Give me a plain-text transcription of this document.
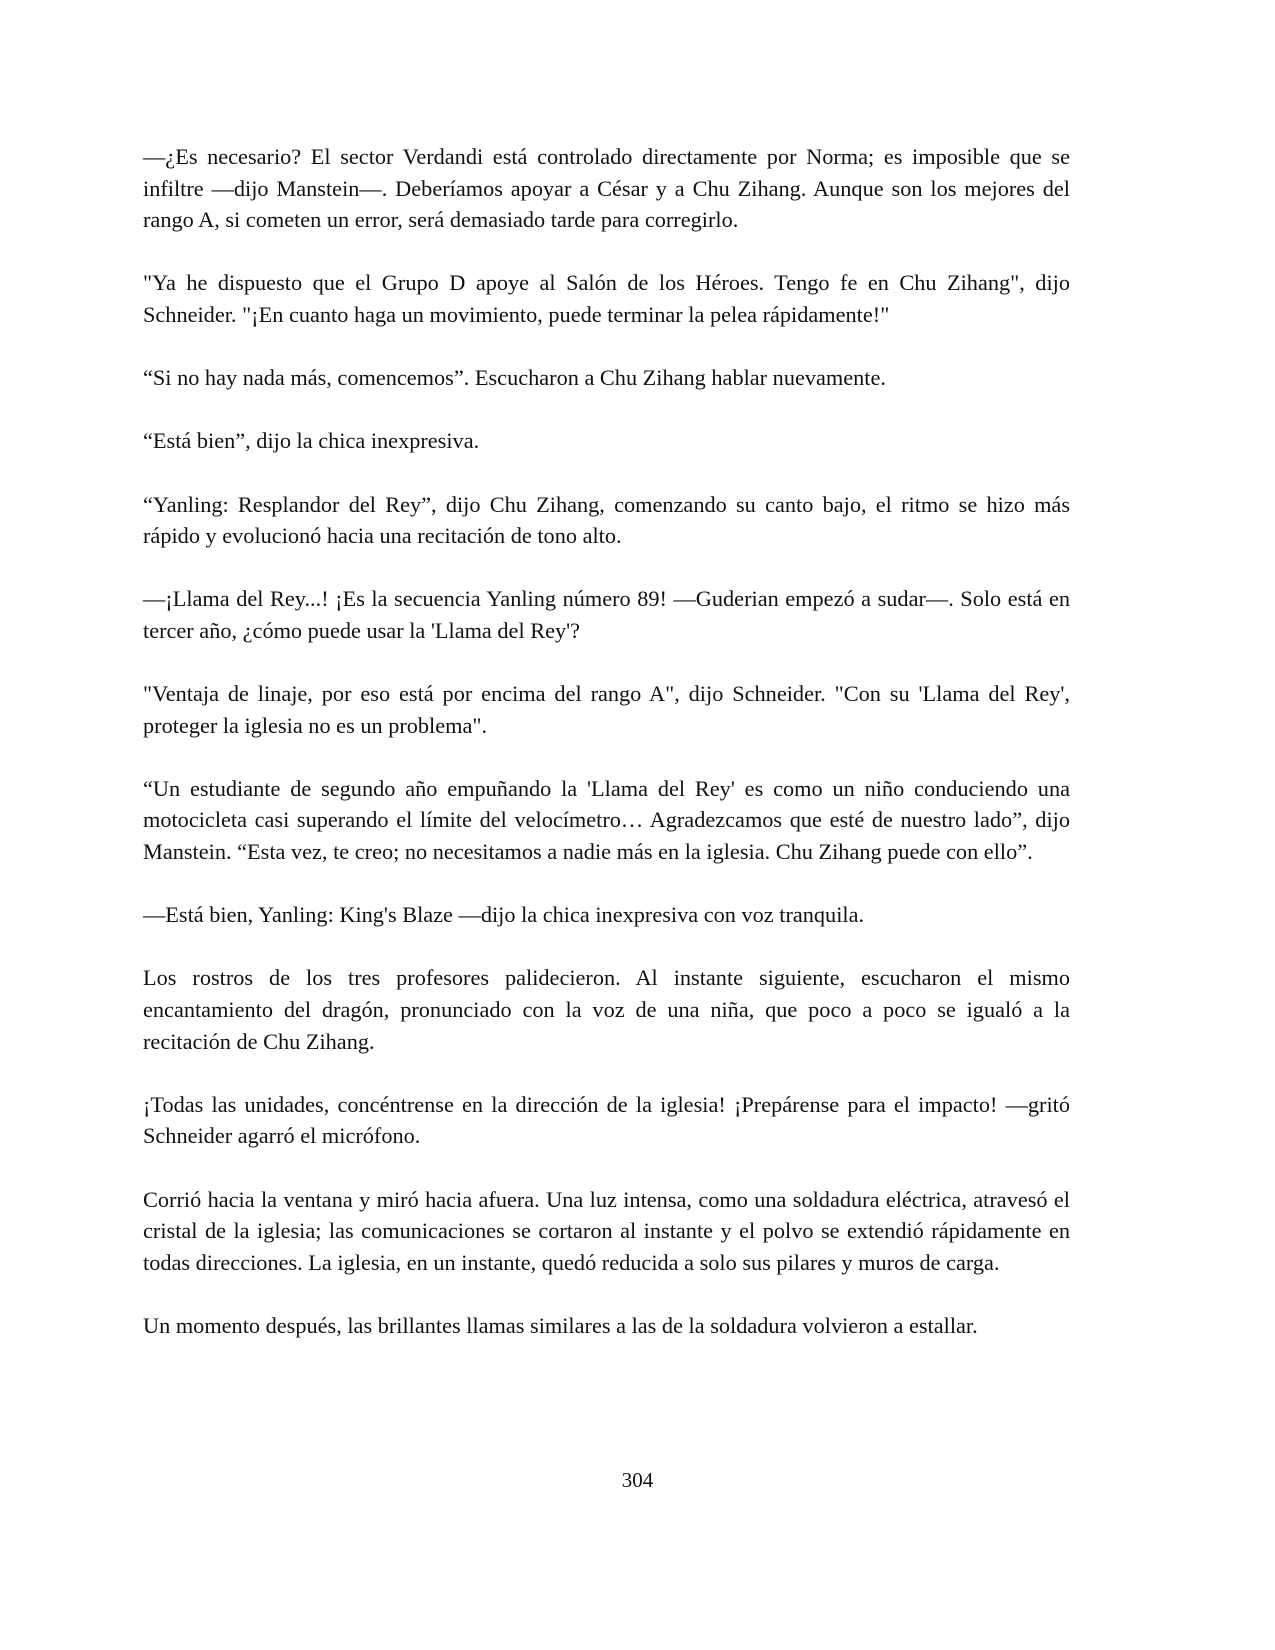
—¿Es necesario? El sector Verdandi está controlado directamente por Norma; es imposible que se infiltre —dijo Manstein—. Deberíamos apoyar a César y a Chu Zihang. Aunque son los mejores del rango A, si cometen un error, será demasiado tarde para corregirlo.

"Ya he dispuesto que el Grupo D apoye al Salón de los Héroes. Tengo fe en Chu Zihang", dijo Schneider. "¡En cuanto haga un movimiento, puede terminar la pelea rápidamente!"

“Si no hay nada más, comencemos”. Escucharon a Chu Zihang hablar nuevamente.

“Está bien”, dijo la chica inexpresiva.

“Yanling: Resplandor del Rey”, dijo Chu Zihang, comenzando su canto bajo, el ritmo se hizo más rápido y evolucionó hacia una recitación de tono alto.

—¡Llama del Rey...! ¡Es la secuencia Yanling número 89! —Guderian empezó a sudar—. Solo está en tercer año, ¿cómo puede usar la 'Llama del Rey'?

"Ventaja de linaje, por eso está por encima del rango A", dijo Schneider. "Con su 'Llama del Rey', proteger la iglesia no es un problema".

“Un estudiante de segundo año empuñando la 'Llama del Rey' es como un niño conduciendo una motocicleta casi superando el límite del velocímetro… Agradezcamos que esté de nuestro lado”, dijo Manstein. “Esta vez, te creo; no necesitamos a nadie más en la iglesia. Chu Zihang puede con ello”.

—Está bien, Yanling: King's Blaze —dijo la chica inexpresiva con voz tranquila.

Los rostros de los tres profesores palidecieron. Al instante siguiente, escucharon el mismo encantamiento del dragón, pronunciado con la voz de una niña, que poco a poco se igualó a la recitación de Chu Zihang.

¡Todas las unidades, concéntrense en la dirección de la iglesia! ¡Prepárense para el impacto! —gritó Schneider agarró el micrófono.

Corrió hacia la ventana y miró hacia afuera. Una luz intensa, como una soldadura eléctrica, atravesó el cristal de la iglesia; las comunicaciones se cortaron al instante y el polvo se extendió rápidamente en todas direcciones. La iglesia, en un instante, quedó reducida a solo sus pilares y muros de carga.

Un momento después, las brillantes llamas similares a las de la soldadura volvieron a estallar.

304
